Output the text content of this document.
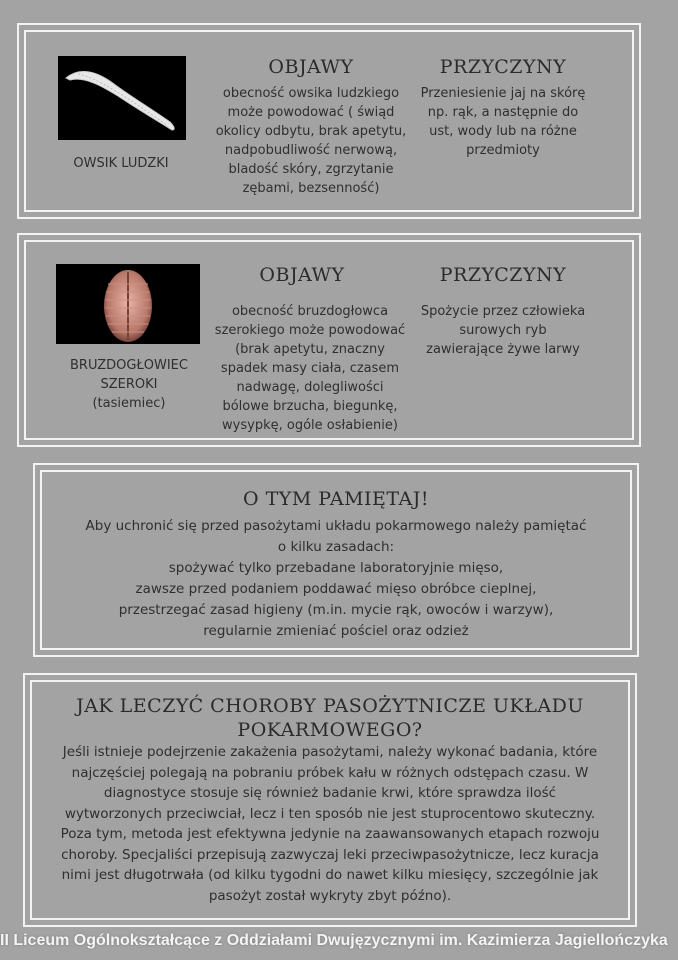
OWSIK LUDZKI
OBJAWY
obecność owsika ludzkiego może powodować ( świąd okolicy odbytu, brak apetytu, nadpobudliwość nerwową, bladość skóry, zgrzytanie zębami, bezsenność)
PRZYCZYNY
Przeniesienie jaj na skórę np. rąk, a następnie do ust, wody lub na różne przedmioty
BRUZDOGŁOWIEC
SZEROKI
(tasiemiec)
OBJAWY
obecność bruzdogłowca szerokiego może powodować (brak apetytu, znaczny spadek masy ciała, czasem nadwagę, dolegliwości bólowe brzucha, biegunkę, wysypkę, ogóle osłabienie)
PRZYCZYNY
Spożycie przez człowieka surowych ryb zawierające żywe larwy
O TYM PAMIĘTAJ!
Aby uchronić się przed pasożytami układu pokarmowego należy pamiętać
o kilku zasadach:
spożywać tylko przebadane laboratoryjnie mięso,
zawsze przed podaniem poddawać mięso obróbce cieplnej,
przestrzegać zasad higieny (m.in. mycie rąk, owoców i warzyw),
regularnie zmieniać pościel oraz odzież
JAK LECZYĆ CHOROBY PASOŻYTNICZE UKŁADU
POKARMOWEGO?
Jeśli istnieje podejrzenie zakażenia pasożytami, należy wykonać badania, które
najczęściej polegają na pobraniu próbek kału w różnych odstępach czasu. W
diagnostyce stosuje się również badanie krwi, które sprawdza ilość
wytworzonych przeciwciał, lecz i ten sposób nie jest stuprocentowo skuteczny.
Poza tym, metoda jest efektywna jedynie na zaawansowanych etapach rozwoju
choroby. Specjaliści przepisują zazwyczaj leki przeciwpasożytnicze, lecz kuracja
nimi jest długotrwała (od kilku tygodni do nawet kilku miesięcy, szczególnie jak
pasożyt został wykryty zbyt późno).
II Liceum Ogólnokształcące z Oddziałami Dwujęzycznymi im. Kazimierza Jagiellończyka
